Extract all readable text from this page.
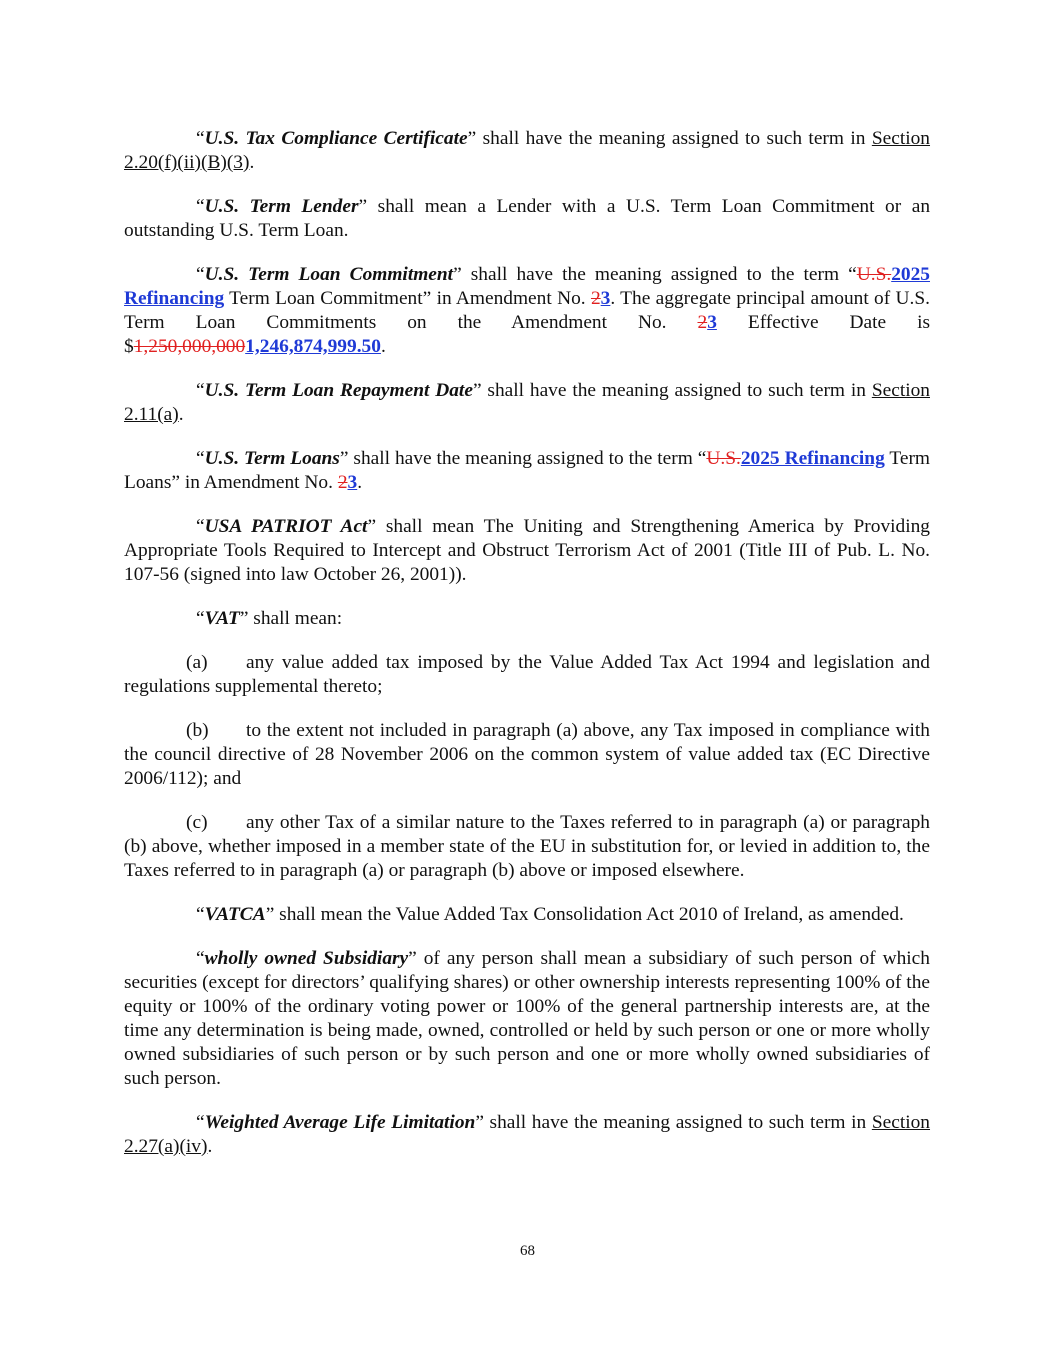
“U.S. Tax Compliance Certificate” shall have the meaning assigned to such term in Section 2.20(f)(ii)(B)(3).

“U.S. Term Lender” shall mean a Lender with a U.S. Term Loan Commitment or an outstanding U.S. Term Loan.

“U.S. Term Loan Commitment” shall have the meaning assigned to the term “U.S.2025 Refinancing Term Loan Commitment” in Amendment No. 23. The aggregate principal amount of U.S. Term Loan Commitments on the Amendment No. 23 Effective Date is $1,250,000,0001,246,874,999.50.

“U.S. Term Loan Repayment Date” shall have the meaning assigned to such term in Section 2.11(a).

“U.S. Term Loans” shall have the meaning assigned to the term “U.S.2025 Refinancing Term Loans” in Amendment No. 23.

“USA PATRIOT Act” shall mean The Uniting and Strengthening America by Providing Appropriate Tools Required to Intercept and Obstruct Terrorism Act of 2001 (Title III of Pub. L. No. 107-56 (signed into law October 26, 2001)).

“VAT” shall mean:

(a) any value added tax imposed by the Value Added Tax Act 1994 and legislation and regulations supplemental thereto;

(b) to the extent not included in paragraph (a) above, any Tax imposed in compliance with the council directive of 28 November 2006 on the common system of value added tax (EC Directive 2006/112); and

(c) any other Tax of a similar nature to the Taxes referred to in paragraph (a) or paragraph (b) above, whether imposed in a member state of the EU in substitution for, or levied in addition to, the Taxes referred to in paragraph (a) or paragraph (b) above or imposed elsewhere.

“VATCA” shall mean the Value Added Tax Consolidation Act 2010 of Ireland, as amended.

“wholly owned Subsidiary” of any person shall mean a subsidiary of such person of which securities (except for directors’ qualifying shares) or other ownership interests representing 100% of the equity or 100% of the ordinary voting power or 100% of the general partnership interests are, at the time any determination is being made, owned, controlled or held by such person or one or more wholly owned subsidiaries of such person or by such person and one or more wholly owned subsidiaries of such person.

“Weighted Average Life Limitation” shall have the meaning assigned to such term in Section 2.27(a)(iv).

68
